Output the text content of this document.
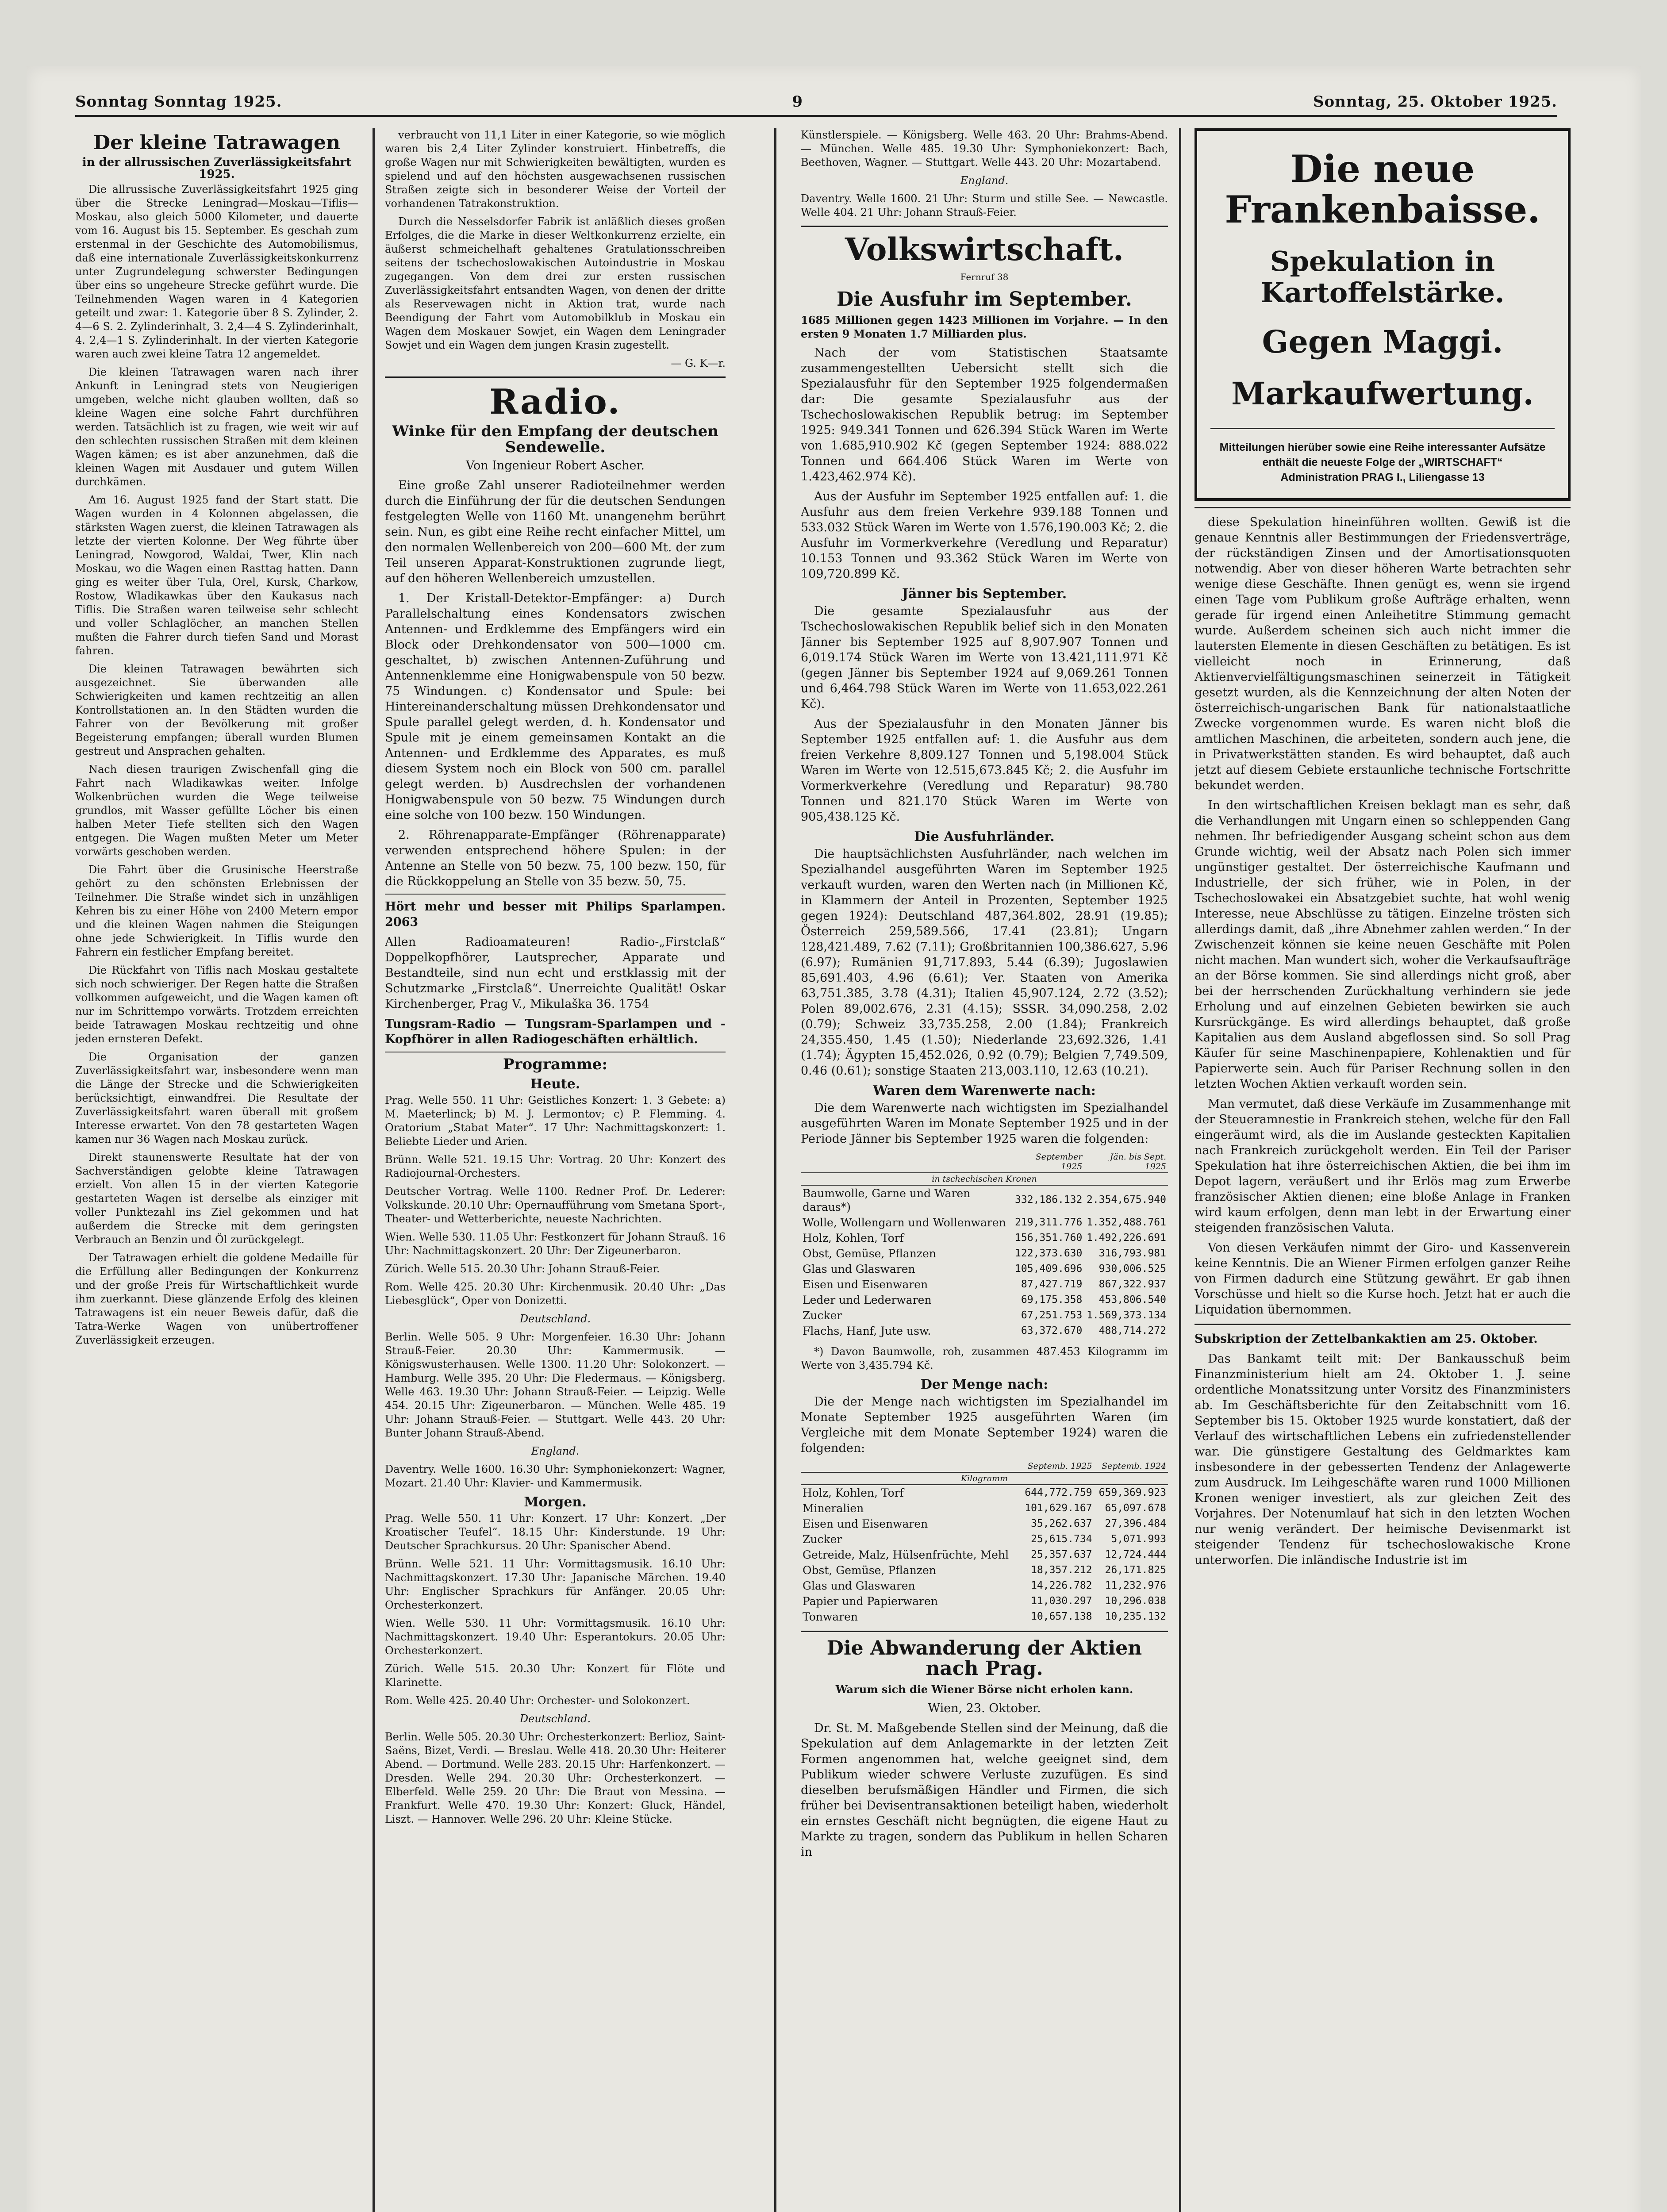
Sonntag Sonntag 1925.	9	Sonntag, 25. Oktober 1925.
Der kleine Tatrawagen
in der allrussischen Zuverlässigkeitsfahrt 1925.

Die allrussische Zuverlässigkeitsfahrt 1925 ging über die Strecke Leningrad—Moskau—Tiflis—Moskau, also gleich 5000 Kilometer, und dauerte vom 16. August bis 15. September. Es geschah zum erstenmal in der Geschichte des Automobilismus, daß eine internationale Zuverlässigkeitskonkurrenz unter Zugrundelegung schwerster Bedingungen über eins so ungeheure Strecke geführt wurde. Die Teilnehmenden Wagen waren in 4 Kategorien geteilt und zwar: 1. Kategorie über 8 S. Zylinder, 2. 4—6 S. 2. Zylinderinhalt, 3. 2,4—4 S. Zylinderinhalt, 4. 2,4—1 S. Zylinderinhalt. In der vierten Kategorie waren auch zwei kleine Tatra 12 angemeldet.

Die kleinen Tatrawagen waren nach ihrer Ankunft in Leningrad stets von Neugierigen umgeben, welche nicht glauben wollten, daß so kleine Wagen eine solche Fahrt durchführen werden. Tatsächlich ist zu fragen, wie weit wir auf den schlechten russischen Straßen mit dem kleinen Wagen kämen; es ist aber anzunehmen, daß die kleinen Wagen mit Ausdauer und gutem Willen durchkämen.

Am 16. August 1925 fand der Start statt. Die Wagen wurden in 4 Kolonnen abgelassen, die stärksten Wagen zuerst, die kleinen Tatrawagen als letzte der vierten Kolonne. Der Weg führte über Leningrad, Nowgorod, Waldai, Twer, Klin nach Moskau, wo die Wagen einen Rasttag hatten. Dann ging es weiter über Tula, Orel, Kursk, Charkow, Rostow, Wladikawkas über den Kaukasus nach Tiflis. Die Straßen waren teilweise sehr schlecht und voller Schlaglöcher, an manchen Stellen mußten die Fahrer durch tiefen Sand und Morast fahren.

Die kleinen Tatrawagen bewährten sich ausgezeichnet. Sie überwanden alle Schwierigkeiten und kamen rechtzeitig an allen Kontrollstationen an. In den Städten wurden die Fahrer von der Bevölkerung mit großer Begeisterung empfangen; überall wurden Blumen gestreut und Ansprachen gehalten.

Nach diesen traurigen Zwischenfall ging die Fahrt nach Wladikawkas weiter. Infolge Wolkenbrüchen wurden die Wege teilweise grundlos, mit Wasser gefüllte Löcher bis einen halben Meter Tiefe stellten sich den Wagen entgegen. Die Wagen mußten Meter um Meter vorwärts geschoben werden.

Die Fahrt über die Grusinische Heerstraße gehört zu den schönsten Erlebnissen der Teilnehmer. Die Straße windet sich in unzähligen Kehren bis zu einer Höhe von 2400 Metern empor und die kleinen Wagen nahmen die Steigungen ohne jede Schwierigkeit. In Tiflis wurde den Fahrern ein festlicher Empfang bereitet.

Die Rückfahrt von Tiflis nach Moskau gestaltete sich noch schwieriger. Der Regen hatte die Straßen vollkommen aufgeweicht, und die Wagen kamen oft nur im Schrittempo vorwärts. Trotzdem erreichten beide Tatrawagen Moskau rechtzeitig und ohne jeden ernsteren Defekt.

Die Organisation der ganzen Zuverlässigkeitsfahrt war, insbesondere wenn man die Länge der Strecke und die Schwierigkeiten berücksichtigt, einwandfrei. Die Resultate der Zuverlässigkeitsfahrt waren überall mit großem Interesse erwartet. Von den 78 gestarteten Wagen kamen nur 36 Wagen nach Moskau zurück.

Direkt staunenswerte Resultate hat der von Sachverständigen gelobte kleine Tatrawagen erzielt. Von allen 15 in der vierten Kategorie gestarteten Wagen ist derselbe als einziger mit voller Punktezahl ins Ziel gekommen und hat außerdem die Strecke mit dem geringsten Verbrauch an Benzin und Öl zurückgelegt.

Der Tatrawagen erhielt die goldene Medaille für die Erfüllung aller Bedingungen der Konkurrenz und der große Preis für Wirtschaftlichkeit wurde ihm zuerkannt. Diese glänzende Erfolg des kleinen Tatrawagens ist ein neuer Beweis dafür, daß die Tatra-Werke Wagen von unübertroffener Zuverlässigkeit erzeugen.

verbraucht von 11,1 Liter in einer Kategorie, so wie möglich waren bis 2,4 Liter Zylinder konstruiert. Hinbetreffs, die große Wagen nur mit Schwierigkeiten bewältigten, wurden es spielend und auf den höchsten ausgewachsenen russischen Straßen zeigte sich in besonderer Weise der Vorteil der vorhandenen Tatrakonstruktion.

Durch die Nesselsdorfer Fabrik ist anläßlich dieses großen Erfolges, die die Marke in dieser Weltkonkurrenz erzielte, ein äußerst schmeichelhaft gehaltenes Gratulationsschreiben seitens der tschechoslowakischen Autoindustrie in Moskau zugegangen. Von dem drei zur ersten russischen Zuverlässigkeitsfahrt entsandten Wagen, von denen der dritte als Reservewagen nicht in Aktion trat, wurde nach Beendigung der Fahrt vom Automobilklub in Moskau ein Wagen dem Moskauer Sowjet, ein Wagen dem Leningrader Sowjet und ein Wagen dem jungen Krasin zugestellt.

— G. K—r.

Radio.
Winke für den Empfang der deutschen Sendewelle.

Von Ingenieur Robert Ascher.

Eine große Zahl unserer Radioteilnehmer werden durch die Einführung der für die deutschen Sendungen festgelegten Welle von 1160 Mt. unangenehm berührt sein. Nun, es gibt eine Reihe recht einfacher Mittel, um den normalen Wellenbereich von 200—600 Mt. der zum Teil unseren Apparat-Konstruktionen zugrunde liegt, auf den höheren Wellenbereich umzustellen.

1. Der Kristall-Detektor-Empfänger: a) Durch Parallelschaltung eines Kondensators zwischen Antennen- und Erdklemme des Empfängers wird ein Block oder Drehkondensator von 500—1000 cm. geschaltet, b) zwischen Antennen-Zuführung und Antennenklemme eine Honigwabenspule von 50 bezw. 75 Windungen. c) Kondensator und Spule: bei Hintereinanderschaltung müssen Drehkondensator und Spule parallel gelegt werden, d. h. Kondensator und Spule mit je einem gemeinsamen Kontakt an die Antennen- und Erdklemme des Apparates, es muß diesem System noch ein Block von 500 cm. parallel gelegt werden. b) Ausdrechslen der vorhandenen Honigwabenspule von 50 bezw. 75 Windungen durch eine solche von 100 bezw. 150 Windungen.

2. Röhrenapparate-Empfänger (Röhrenapparate) verwenden entsprechend höhere Spulen: in der Antenne an Stelle von 50 bezw. 75, 100 bezw. 150, für die Rückkoppelung an Stelle von 35 bezw. 50, 75.

Hört mehr und besser mit Philips Sparlampen. 2063

Allen Radioamateuren! Radio-„Firstclaß“ Doppelkopfhörer, Lautsprecher, Apparate und Bestandteile, sind nun echt und erstklassig mit der Schutzmarke „Firstclaß“. Unerreichte Qualität! Oskar Kirchenberger, Prag V., Mikulaška 36. 1754

Tungsram-Radio — Tungsram-Sparlampen und -Kopfhörer in allen Radiogeschäften erhältlich.

Programme:
Heute.

Prag. Welle 550. 11 Uhr: Geistliches Konzert: 1. 3 Gebete: a) M. Maeterlinck; b) M. J. Lermontov; c) P. Flemming. 4. Oratorium „Stabat Mater“. 17 Uhr: Nachmittagskonzert: 1. Beliebte Lieder und Arien.

Brünn. Welle 521. 19.15 Uhr: Vortrag. 20 Uhr: Konzert des Radiojournal-Orchesters.

Deutscher Vortrag. Welle 1100. Redner Prof. Dr. Lederer: Volkskunde. 20.10 Uhr: Opernaufführung vom Smetana Sport-, Theater- und Wetterberichte, neueste Nachrichten.

Wien. Welle 530. 11.05 Uhr: Festkonzert für Johann Strauß. 16 Uhr: Nachmittagskonzert. 20 Uhr: Der Zigeunerbaron.

Zürich. Welle 515. 20.30 Uhr: Johann Strauß-Feier.

Rom. Welle 425. 20.30 Uhr: Kirchenmusik. 20.40 Uhr: „Das Liebesglück“, Oper von Donizetti.

Deutschland.

Berlin. Welle 505. 9 Uhr: Morgenfeier. 16.30 Uhr: Johann Strauß-Feier. 20.30 Uhr: Kammermusik. — Königswusterhausen. Welle 1300. 11.20 Uhr: Solokonzert. — Hamburg. Welle 395. 20 Uhr: Die Fledermaus. — Königsberg. Welle 463. 19.30 Uhr: Johann Strauß-Feier. — Leipzig. Welle 454. 20.15 Uhr: Zigeunerbaron. — München. Welle 485. 19 Uhr: Johann Strauß-Feier. — Stuttgart. Welle 443. 20 Uhr: Bunter Johann Strauß-Abend.

England.

Daventry. Welle 1600. 16.30 Uhr: Symphoniekonzert: Wagner, Mozart. 21.40 Uhr: Klavier- und Kammermusik.

Morgen.

Prag. Welle 550. 11 Uhr: Konzert. 17 Uhr: Konzert. „Der Kroatischer Teufel“. 18.15 Uhr: Kinderstunde. 19 Uhr: Deutscher Sprachkursus. 20 Uhr: Spanischer Abend.

Brünn. Welle 521. 11 Uhr: Vormittagsmusik. 16.10 Uhr: Nachmittagskonzert. 17.30 Uhr: Japanische Märchen. 19.40 Uhr: Englischer Sprachkurs für Anfänger. 20.05 Uhr: Orchesterkonzert.

Wien. Welle 530. 11 Uhr: Vormittagsmusik. 16.10 Uhr: Nachmittagskonzert. 19.40 Uhr: Esperantokurs. 20.05 Uhr: Orchesterkonzert.

Zürich. Welle 515. 20.30 Uhr: Konzert für Flöte und Klarinette.

Rom. Welle 425. 20.40 Uhr: Orchester- und Solokonzert.

Deutschland.

Berlin. Welle 505. 20.30 Uhr: Orchesterkonzert: Berlioz, Saint-Saëns, Bizet, Verdi. — Breslau. Welle 418. 20.30 Uhr: Heiterer Abend. — Dortmund. Welle 283. 20.15 Uhr: Harfenkonzert. — Dresden. Welle 294. 20.30 Uhr: Orchesterkonzert. — Elberfeld. Welle 259. 20 Uhr: Die Braut von Messina. — Frankfurt. Welle 470. 19.30 Uhr: Konzert: Gluck, Händel, Liszt. — Hannover. Welle 296. 20 Uhr: Kleine Stücke.

Künstlerspiele. — Königsberg. Welle 463. 20 Uhr: Brahms-Abend. — München. Welle 485. 19.30 Uhr: Symphoniekonzert: Bach, Beethoven, Wagner. — Stuttgart. Welle 443. 20 Uhr: Mozartabend.

England.

Daventry. Welle 1600. 21 Uhr: Sturm und stille See. — Newcastle. Welle 404. 21 Uhr: Johann Strauß-Feier.

Volkswirtschaft.

Fernruf 38

Die Ausfuhr im September.

1685 Millionen gegen 1423 Millionen im Vorjahre. — In den ersten 9 Monaten 1.7 Milliarden plus.

Nach der vom Statistischen Staatsamte zusammengestellten Uebersicht stellt sich die Spezialausfuhr für den September 1925 folgendermaßen dar: Die gesamte Spezialausfuhr aus der Tschechoslowakischen Republik betrug: im September 1925: 949.341 Tonnen und 626.394 Stück Waren im Werte von 1.685,910.902 Kč (gegen September 1924: 888.022 Tonnen und 664.406 Stück Waren im Werte von 1.423,462.974 Kč).

Aus der Ausfuhr im September 1925 entfallen auf: 1. die Ausfuhr aus dem freien Verkehre 939.188 Tonnen und 533.032 Stück Waren im Werte von 1.576,190.003 Kč; 2. die Ausfuhr im Vormerkverkehre (Veredlung und Reparatur) 10.153 Tonnen und 93.362 Stück Waren im Werte von 109,720.899 Kč.

Jänner bis September.

Die gesamte Spezialausfuhr aus der Tschechoslowakischen Republik belief sich in den Monaten Jänner bis September 1925 auf 8,907.907 Tonnen und 6,019.174 Stück Waren im Werte von 13.421,111.971 Kč (gegen Jänner bis September 1924 auf 9,069.261 Tonnen und 6,464.798 Stück Waren im Werte von 11.653,022.261 Kč).

Aus der Spezialausfuhr in den Monaten Jänner bis September 1925 entfallen auf: 1. die Ausfuhr aus dem freien Verkehre 8,809.127 Tonnen und 5,198.004 Stück Waren im Werte von 12.515,673.845 Kč; 2. die Ausfuhr im Vormerkverkehre (Veredlung und Reparatur) 98.780 Tonnen und 821.170 Stück Waren im Werte von 905,438.125 Kč.

Die Ausfuhrländer.

Die hauptsächlichsten Ausfuhrländer, nach welchen im Spezialhandel ausgeführten Waren im September 1925 verkauft wurden, waren den Werten nach (in Millionen Kč, in Klammern der Anteil in Prozenten, September 1925 gegen 1924): Deutschland 487,364.802, 28.91 (19.85); Österreich 259,589.566, 17.41 (23.81); Ungarn 128,421.489, 7.62 (7.11); Großbritannien 100,386.627, 5.96 (6.97); Rumänien 91,717.893, 5.44 (6.39); Jugoslawien 85,691.403, 4.96 (6.61); Ver. Staaten von Amerika 63,751.385, 3.78 (4.31); Italien 45,907.124, 2.72 (3.52); Polen 89,002.676, 2.31 (4.15); SSSR. 34,090.258, 2.02 (0.79); Schweiz 33,735.258, 2.00 (1.84); Frankreich 24,355.450, 1.45 (1.50); Niederlande 23,692.326, 1.41 (1.74); Ägypten 15,452.026, 0.92 (0.79); Belgien 7,749.509, 0.46 (0.61); sonstige Staaten 213,003.110, 12.63 (10.21).

Waren dem Warenwerte nach:

Die dem Warenwerte nach wichtigsten im Spezialhandel ausgeführten Waren im Monate September 1925 und in der Periode Jänner bis September 1925 waren die folgenden:

	September 1925	Jän. bis Sept. 1925
in tschechischen Kronen		
Baumwolle, Garne und Waren daraus*)	332,186.132	2.354,675.940
Wolle, Wollengarn und Wollenwaren	219,311.776	1.352,488.761
Holz, Kohlen, Torf	156,351.760	1.492,226.691
Obst, Gemüse, Pflanzen	122,373.630	316,793.981
Glas und Glaswaren	105,409.696	930,006.525
Eisen und Eisenwaren	87,427.719	867,322.937
Leder und Lederwaren	69,175.358	453,806.540
Zucker	67,251.753	1.569,373.134
Flachs, Hanf, Jute usw.	63,372.670	488,714.272

*) Davon Baumwolle, roh, zusammen 487.453 Kilogramm im Werte von 3,435.794 Kč.

Der Menge nach:

Die der Menge nach wichtigsten im Spezialhandel im Monate September 1925 ausgeführten Waren (im Vergleiche mit dem Monate September 1924) waren die folgenden:

	Septemb. 1925	Septemb. 1924
Kilogramm		
Holz, Kohlen, Torf	644,772.759	659,369.923
Mineralien	101,629.167	65,097.678
Eisen und Eisenwaren	35,262.637	27,396.484
Zucker	25,615.734	5,071.993
Getreide, Malz, Hülsenfrüchte, Mehl	25,357.637	12,724.444
Obst, Gemüse, Pflanzen	18,357.212	26,171.825
Glas und Glaswaren	14,226.782	11,232.976
Papier und Papierwaren	11,030.297	10,296.038
Tonwaren	10,657.138	10,235.132
Die Abwanderung der Aktien nach Prag.

Warum sich die Wiener Börse nicht erholen kann.

Wien, 23. Oktober.

Dr. St. M. Maßgebende Stellen sind der Meinung, daß die Spekulation auf dem Anlagemarkte in der letzten Zeit Formen angenommen hat, welche geeignet sind, dem Publikum wieder schwere Verluste zuzufügen. Es sind dieselben berufsmäßigen Händler und Firmen, die sich früher bei Devisentransaktionen beteiligt haben, wiederholt ein ernstes Geschäft nicht begnügten, die eigene Haut zu Markte zu tragen, sondern das Publikum in hellen Scharen in

Die neue Frankenbaisse.
Spekulation in Kartoffelstärke.
Gegen Maggi.
Markaufwertung.
Mitteilungen hierüber sowie eine Reihe interessanter Aufsätze enthält die neueste Folge der „WIRTSCHAFT“
Administration PRAG I., Liliengasse 13

diese Spekulation hineinführen wollten. Gewiß ist die genaue Kenntnis aller Bestimmungen der Friedensverträge, der rückständigen Zinsen und der Amortisationsquoten notwendig. Aber von dieser höheren Warte betrachten sehr wenige diese Geschäfte. Ihnen genügt es, wenn sie irgend einen Tage vom Publikum große Aufträge erhalten, wenn gerade für irgend einen Anleihetitre Stimmung gemacht wurde. Außerdem scheinen sich auch nicht immer die lautersten Elemente in diesen Geschäften zu betätigen. Es ist vielleicht noch in Erinnerung, daß Aktienvervielfältigungsmaschinen seinerzeit in Tätigkeit gesetzt wurden, als die Kennzeichnung der alten Noten der österreichisch-ungarischen Bank für nationalstaatliche Zwecke vorgenommen wurde. Es waren nicht bloß die amtlichen Maschinen, die arbeiteten, sondern auch jene, die in Privatwerkstätten standen. Es wird behauptet, daß auch jetzt auf diesem Gebiete erstaunliche technische Fortschritte bekundet werden.

In den wirtschaftlichen Kreisen beklagt man es sehr, daß die Verhandlungen mit Ungarn einen so schleppenden Gang nehmen. Ihr befriedigender Ausgang scheint schon aus dem Grunde wichtig, weil der Absatz nach Polen sich immer ungünstiger gestaltet. Der österreichische Kaufmann und Industrielle, der sich früher, wie in Polen, in der Tschechoslowakei ein Absatzgebiet suchte, hat wohl wenig Interesse, neue Abschlüsse zu tätigen. Einzelne trösten sich allerdings damit, daß „ihre Abnehmer zahlen werden.“ In der Zwischenzeit können sie keine neuen Geschäfte mit Polen nicht machen. Man wundert sich, woher die Verkaufsaufträge an der Börse kommen. Sie sind allerdings nicht groß, aber bei der herrschenden Zurückhaltung verhindern sie jede Erholung und auf einzelnen Gebieten bewirken sie auch Kursrückgänge. Es wird allerdings behauptet, daß große Kapitalien aus dem Ausland abgeflossen sind. So soll Prag Käufer für seine Maschinenpapiere, Kohlenaktien und für Papierwerte sein. Auch für Pariser Rechnung sollen in den letzten Wochen Aktien verkauft worden sein.

Man vermutet, daß diese Verkäufe im Zusammenhange mit der Steueramnestie in Frankreich stehen, welche für den Fall eingeräumt wird, als die im Auslande gesteckten Kapitalien nach Frankreich zurückgeholt werden. Ein Teil der Pariser Spekulation hat ihre österreichischen Aktien, die bei ihm im Depot lagern, veräußert und ihr Erlös mag zum Erwerbe französischer Aktien dienen; eine bloße Anlage in Franken wird kaum erfolgen, denn man lebt in der Erwartung einer steigenden französischen Valuta.

Von diesen Verkäufen nimmt der Giro- und Kassenverein keine Kenntnis. Die an Wiener Firmen erfolgen ganzer Reihe von Firmen dadurch eine Stützung gewährt. Er gab ihnen Vorschüsse und hielt so die Kurse hoch. Jetzt hat er auch die Liquidation übernommen.

Subskription der Zettelbankaktien am 25. Oktober.

Das Bankamt teilt mit: Der Bankausschuß beim Finanzministerium hielt am 24. Oktober 1. J. seine ordentliche Monatssitzung unter Vorsitz des Finanzministers ab. Im Geschäftsberichte für den Zeitabschnitt vom 16. September bis 15. Oktober 1925 wurde konstatiert, daß der Verlauf des wirtschaftlichen Lebens ein zufriedenstellender war. Die günstigere Gestaltung des Geldmarktes kam insbesondere in der gebesserten Tendenz der Anlagewerte zum Ausdruck. Im Leihgeschäfte waren rund 1000 Millionen Kronen weniger investiert, als zur gleichen Zeit des Vorjahres. Der Notenumlauf hat sich in den letzten Wochen nur wenig verändert. Der heimische Devisenmarkt ist steigender Tendenz für tschechoslowakische Krone unterworfen. Die inländische Industrie ist im
